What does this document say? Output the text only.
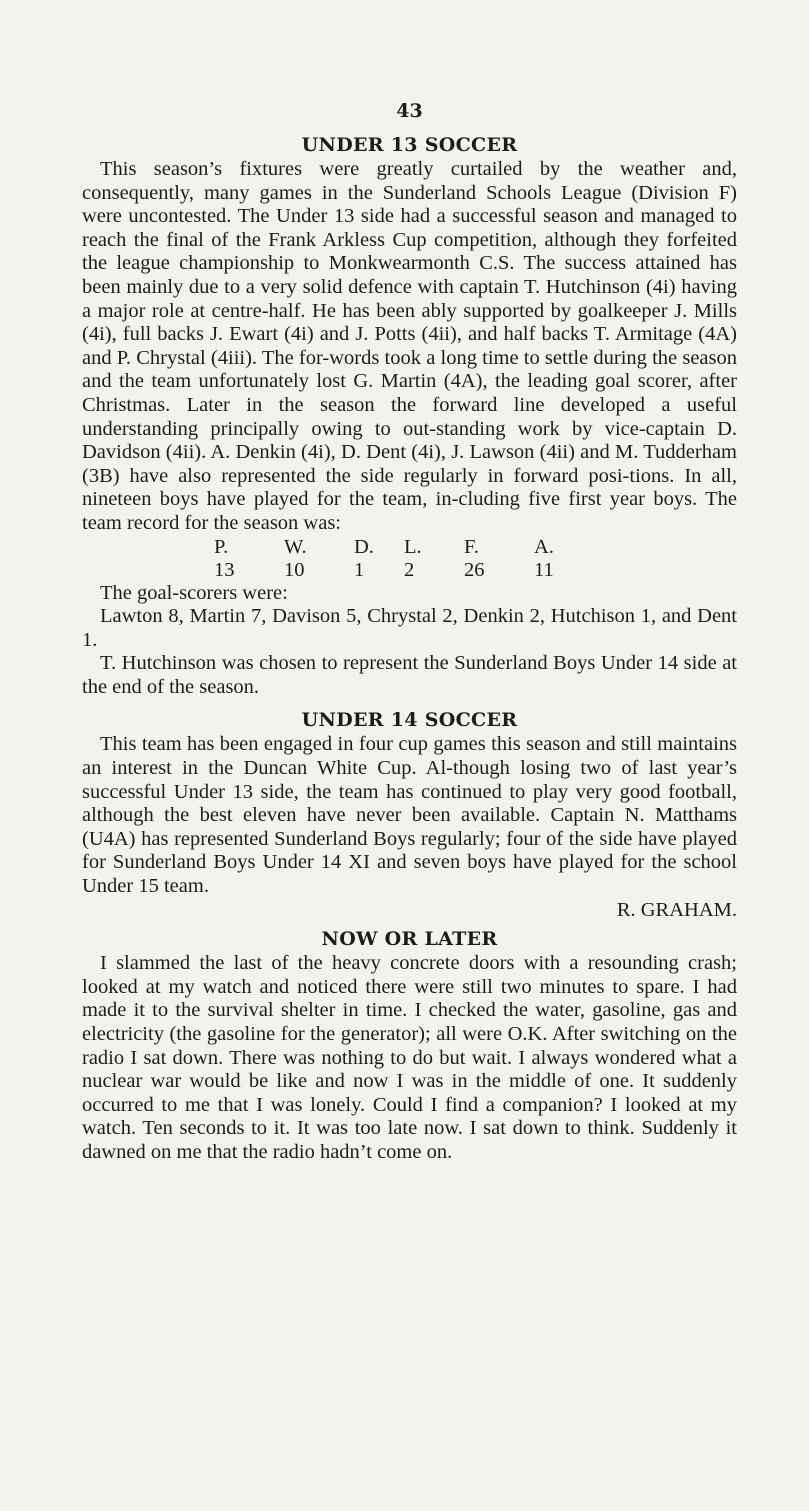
43
UNDER 13 SOCCER

This season’s fixtures were greatly curtailed by the weather and, consequently, many games in the Sunderland Schools League (Division F) were uncontested. The Under 13 side had a successful season and managed to reach the final of the Frank Arkless Cup competition, although they forfeited the league championship to Monkwearmonth C.S. The success attained has been mainly due to a very solid defence with captain T. Hutchinson (4i) having a major role at centre-half. He has been ably supported by goalkeeper J. Mills (4i), full backs J. Ewart (4i) and J. Potts (4ii), and half backs T. Armitage (4A) and P. Chrystal (4iii). The for-words took a long time to settle during the season and the team unfortunately lost G. Martin (4A), the leading goal scorer, after Christmas. Later in the season the forward line developed a useful understanding principally owing to out-standing work by vice-captain D. Davidson (4ii). A. Denkin (4i), D. Dent (4i), J. Lawson (4ii) and M. Tudderham (3B) have also represented the side regularly in forward posi-tions. In all, nineteen boys have played for the team, in-cluding five first year boys. The team record for the season was:

P.	W.	D.	L.	F.	A.
13	10	1	2	26	11

The goal-scorers were:

Lawton 8, Martin 7, Davison 5, Chrystal 2, Denkin 2, Hutchison 1, and Dent 1.

T. Hutchinson was chosen to represent the Sunderland Boys Under 14 side at the end of the season.

UNDER 14 SOCCER

This team has been engaged in four cup games this season and still maintains an interest in the Duncan White Cup. Al-though losing two of last year’s successful Under 13 side, the team has continued to play very good football, although the best eleven have never been available. Captain N. Matthams (U4A) has represented Sunderland Boys regularly; four of the side have played for Sunderland Boys Under 14 XI and seven boys have played for the school Under 15 team.

R. GRAHAM.
NOW OR LATER

I slammed the last of the heavy concrete doors with a resounding crash; looked at my watch and noticed there were still two minutes to spare. I had made it to the survival shelter in time. I checked the water, gasoline, gas and electricity (the gasoline for the generator); all were O.K. After switching on the radio I sat down. There was nothing to do but wait. I always wondered what a nuclear war would be like and now I was in the middle of one. It suddenly occurred to me that I was lonely. Could I find a companion? I looked at my watch. Ten seconds to it. It was too late now. I sat down to think. Suddenly it dawned on me that the radio hadn’t come on.
